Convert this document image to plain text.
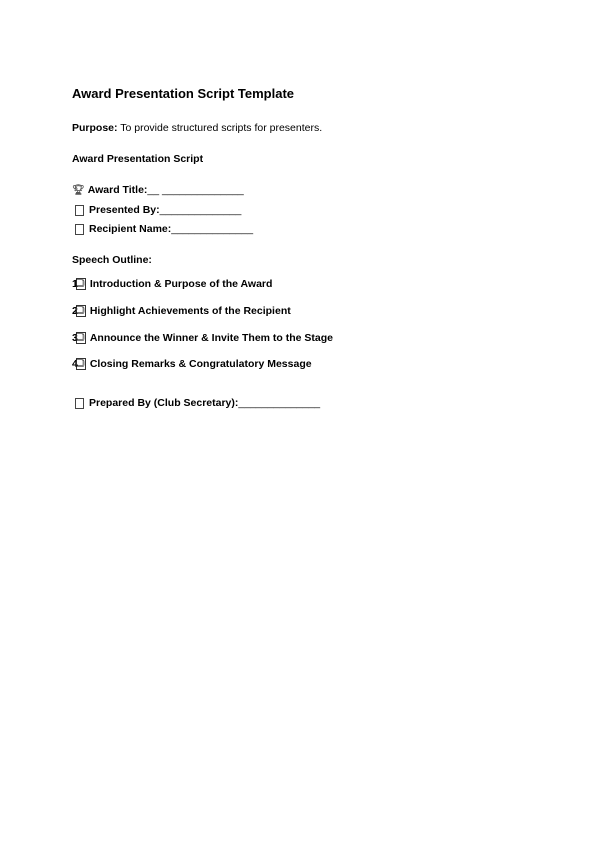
Award Presentation Script Template
Purpose: To provide structured scripts for presenters.
Award Presentation Script
🏆︎ Award Title: __ ______________
Presented By: ______________
Recipient Name: ______________
Speech Outline:
1 Introduction & Purpose of the Award
2 Highlight Achievements of the Recipient
3 Announce the Winner & Invite Them to the Stage
4 Closing Remarks & Congratulatory Message
Prepared By (Club Secretary): ______________
